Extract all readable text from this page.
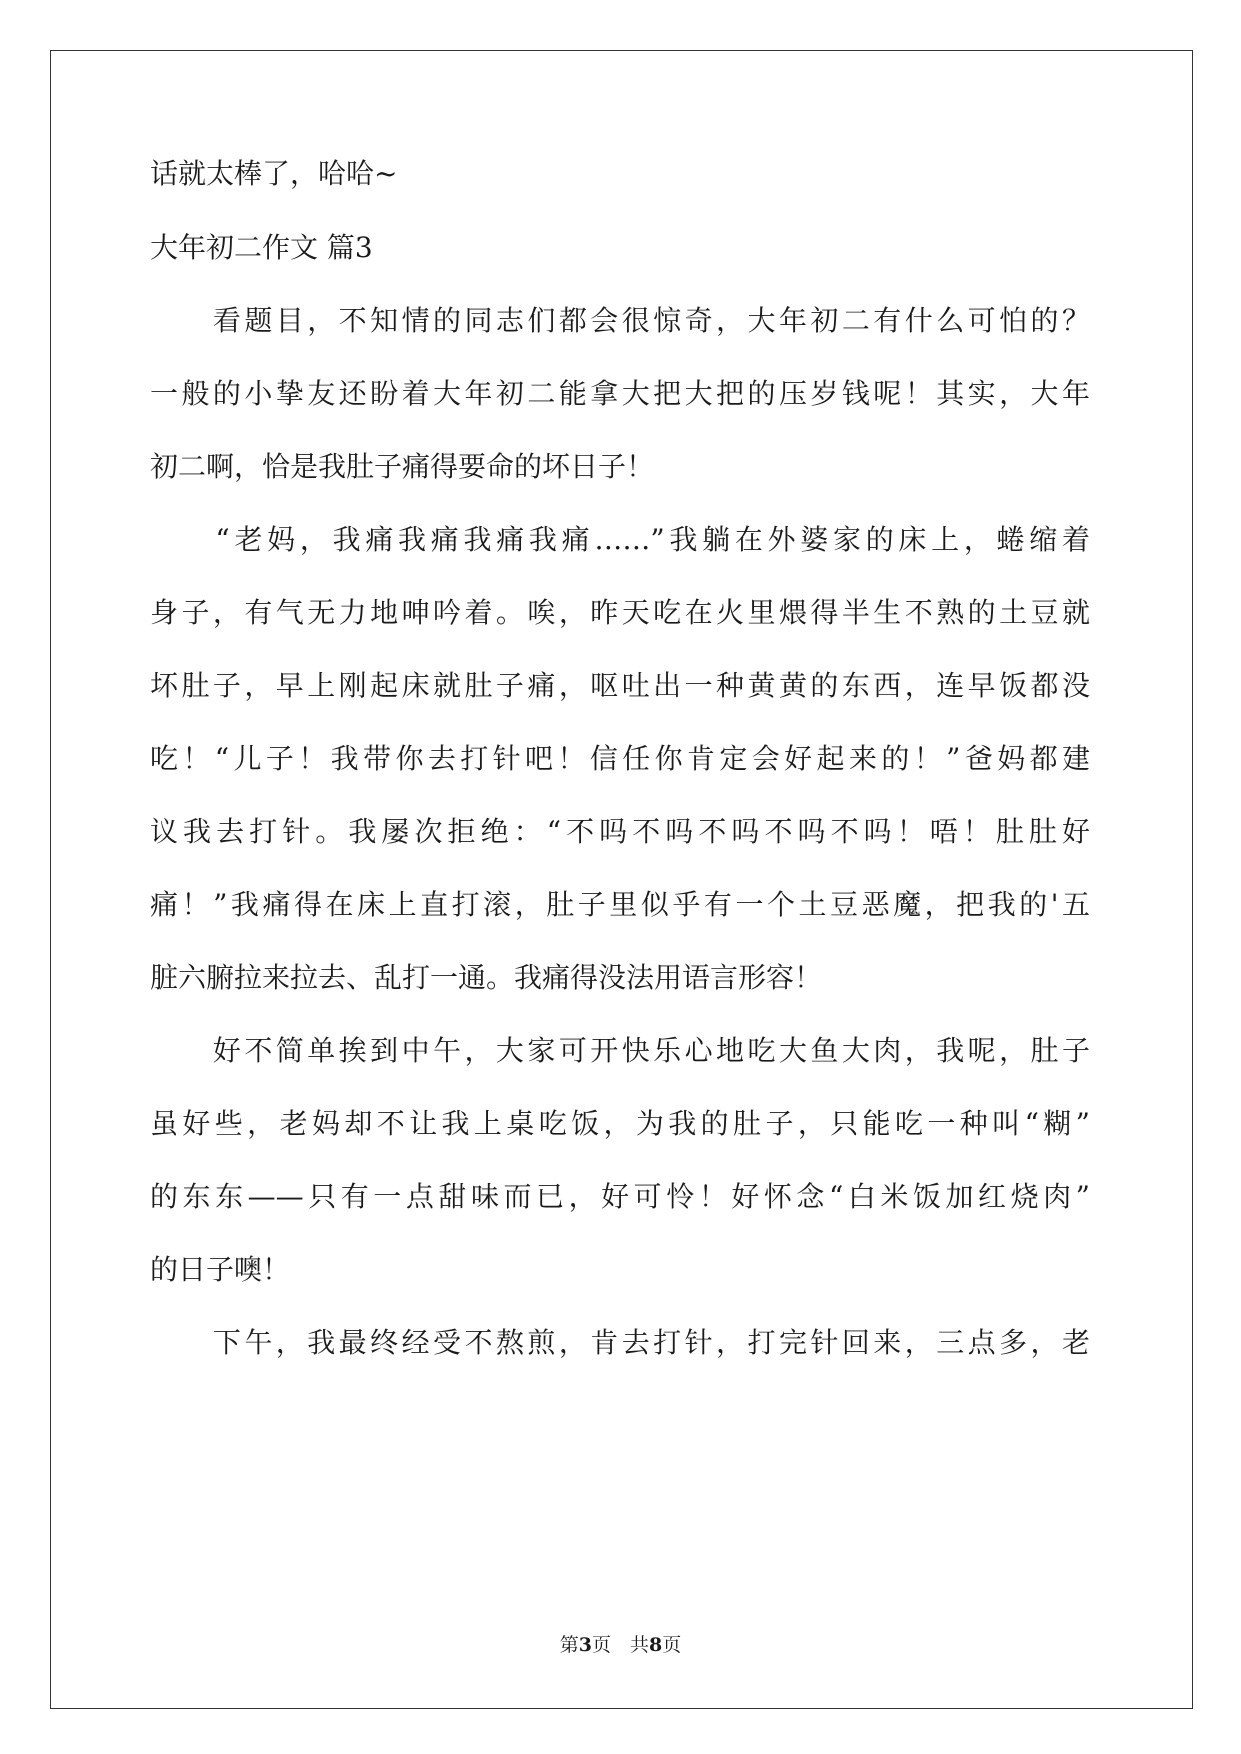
话就太棒了，哈哈~
大年初二作文 篇3
　　看题目，不知情的同志们都会很惊奇，大年初二有什么可怕的？
一般的小挚友还盼着大年初二能拿大把大把的压岁钱呢！其实，大年
初二啊，恰是我肚子痛得要命的坏日子！
　　“老妈，我痛我痛我痛我痛……”我躺在外婆家的床上，蜷缩着
身子，有气无力地呻吟着。唉，昨天吃在火里煨得半生不熟的土豆就
坏肚子，早上刚起床就肚子痛，呕吐出一种黄黄的东西，连早饭都没
吃！“儿子！我带你去打针吧！信任你肯定会好起来的！”爸妈都建
议我去打针。我屡次拒绝：“不吗不吗不吗不吗不吗！唔！肚肚好
痛！”我痛得在床上直打滚，肚子里似乎有一个土豆恶魔，把我的'五
脏六腑拉来拉去、乱打一通。我痛得没法用语言形容！
　　好不简单挨到中午，大家可开快乐心地吃大鱼大肉，我呢，肚子
虽好些，老妈却不让我上桌吃饭，为我的肚子，只能吃一种叫“糊”
的东东——只有一点甜味而已，好可怜！好怀念“白米饭加红烧肉”
的日子噢！
　　下午，我最终经受不熬煎，肯去打针，打完针回来，三点多，老
第3页　共8页
